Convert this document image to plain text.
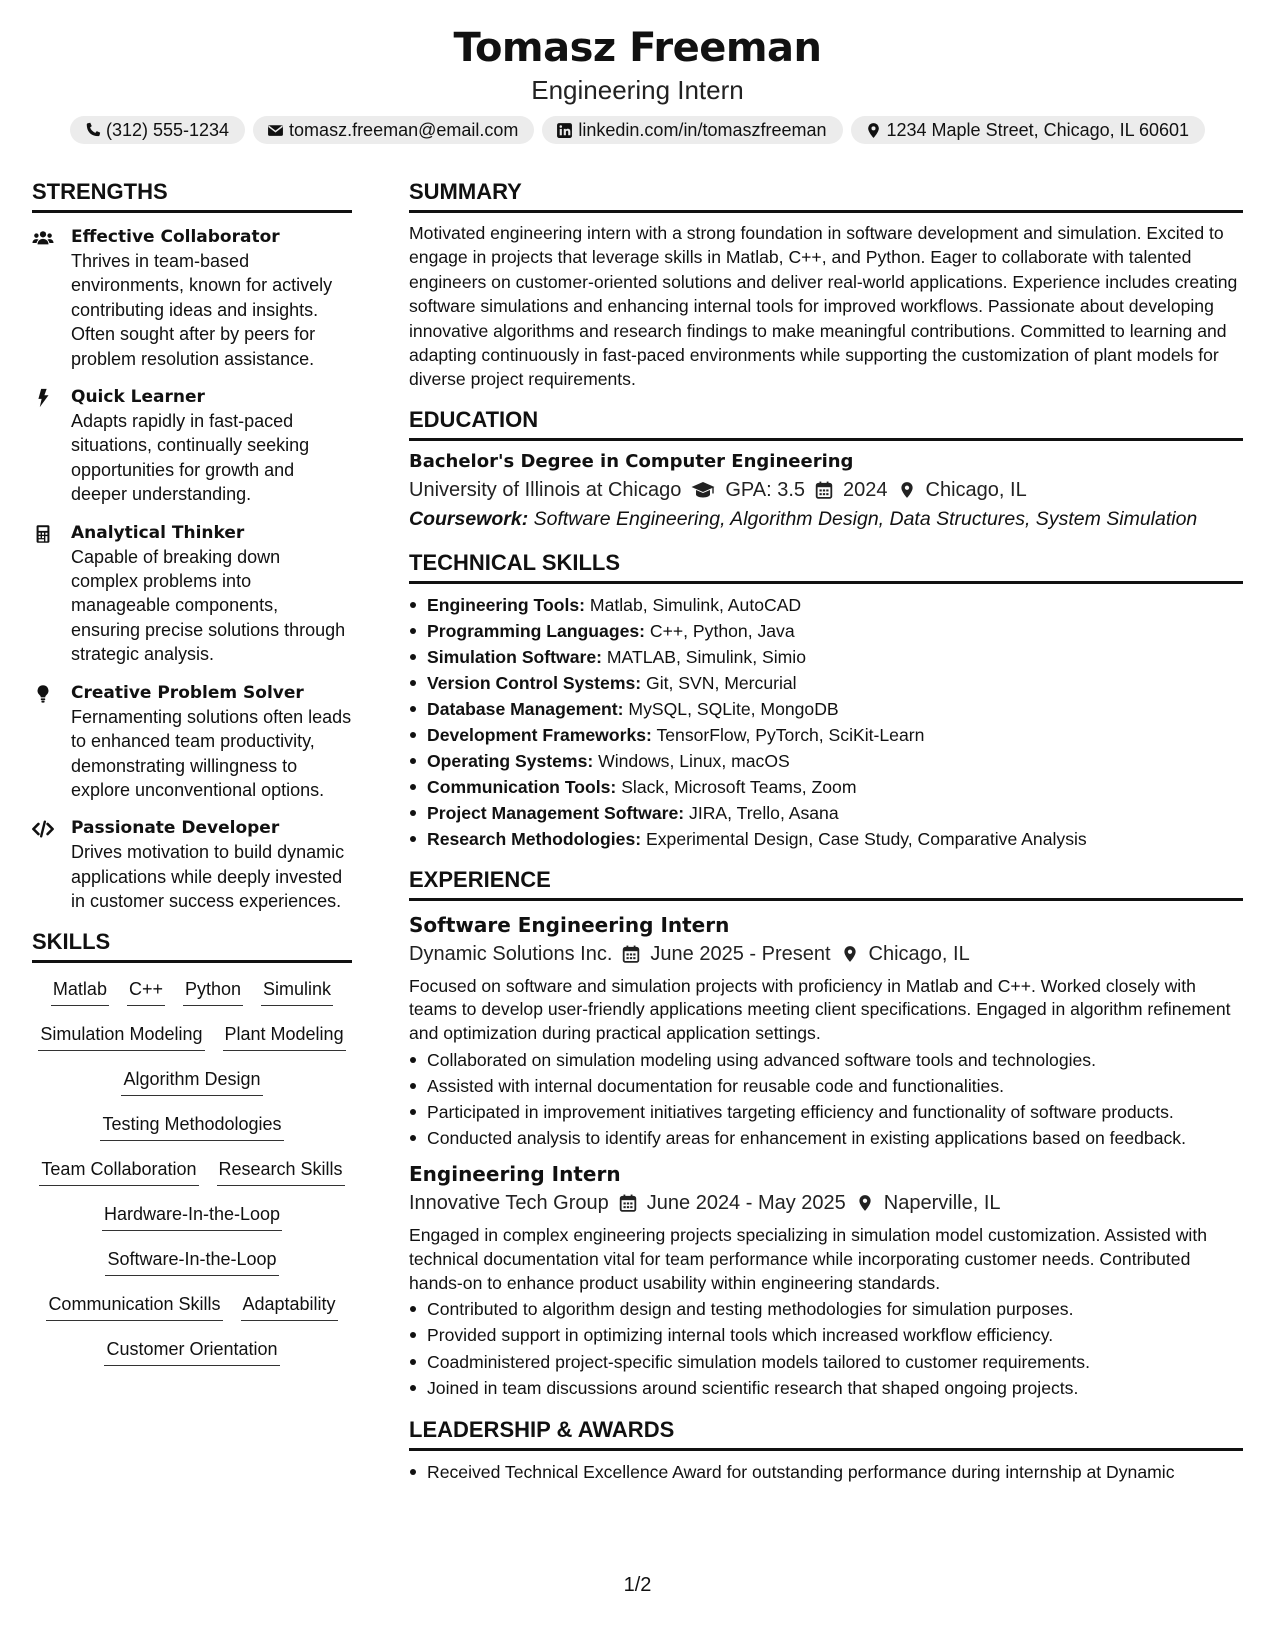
Tomasz Freeman
Engineering Intern
(312) 555-1234	tomasz.freeman@email.com	linkedin.com/in/tomaszfreeman	1234 Maple Street, Chicago, IL 60601
STRENGTHS
Effective Collaborator
Thrives in team-based environments, known for actively contributing ideas and insights. Often sought after by peers for problem resolution assistance.
Quick Learner
Adapts rapidly in fast-paced situations, continually seeking opportunities for growth and deeper understanding.
Analytical Thinker
Capable of breaking down complex problems into manageable components, ensuring precise solutions through strategic analysis.
Creative Problem Solver
Fernamenting solutions often leads to enhanced team productivity, demonstrating willingness to explore unconventional options.
Passionate Developer
Drives motivation to build dynamic applications while deeply invested in customer success experiences.
SKILLS
Matlab C++ Python Simulink
Simulation Modeling Plant Modeling
Algorithm Design
Testing Methodologies
Team Collaboration Research Skills
Hardware-In-the-Loop
Software-In-the-Loop
Communication Skills Adaptability
Customer Orientation
SUMMARY
Motivated engineering intern with a strong foundation in software development and simulation. Excited to engage in projects that leverage skills in Matlab, C++, and Python. Eager to collaborate with talented engineers on customer-oriented solutions and deliver real-world applications. Experience includes creating software simulations and enhancing internal tools for improved workflows. Passionate about developing innovative algorithms and research findings to make meaningful contributions. Committed to learning and adapting continuously in fast-paced environments while supporting the customization of plant models for diverse project requirements.
EDUCATION
Bachelor's Degree in Computer Engineering
University of Illinois at Chicago GPA: 3.5 2024 Chicago, IL
Coursework: Software Engineering, Algorithm Design, Data Structures, System Simulation
TECHNICAL SKILLS
Engineering Tools: Matlab, Simulink, AutoCAD
Programming Languages: C++, Python, Java
Simulation Software: MATLAB, Simulink, Simio
Version Control Systems: Git, SVN, Mercurial
Database Management: MySQL, SQLite, MongoDB
Development Frameworks: TensorFlow, PyTorch, SciKit-Learn
Operating Systems: Windows, Linux, macOS
Communication Tools: Slack, Microsoft Teams, Zoom
Project Management Software: JIRA, Trello, Asana
Research Methodologies: Experimental Design, Case Study, Comparative Analysis
EXPERIENCE
Software Engineering Intern
Dynamic Solutions Inc. June 2025 - Present Chicago, IL
Focused on software and simulation projects with proficiency in Matlab and C++. Worked closely with teams to develop user-friendly applications meeting client specifications. Engaged in algorithm refinement and optimization during practical application settings.
Collaborated on simulation modeling using advanced software tools and technologies.
Assisted with internal documentation for reusable code and functionalities.
Participated in improvement initiatives targeting efficiency and functionality of software products.
Conducted analysis to identify areas for enhancement in existing applications based on feedback.
Engineering Intern
Innovative Tech Group June 2024 - May 2025 Naperville, IL
Engaged in complex engineering projects specializing in simulation model customization. Assisted with technical documentation vital for team performance while incorporating customer needs. Contributed hands-on to enhance product usability within engineering standards.
Contributed to algorithm design and testing methodologies for simulation purposes.
Provided support in optimizing internal tools which increased workflow efficiency.
Coadministered project-specific simulation models tailored to customer requirements.
Joined in team discussions around scientific research that shaped ongoing projects.
LEADERSHIP & AWARDS
Received Technical Excellence Award for outstanding performance during internship at Dynamic
1/2
